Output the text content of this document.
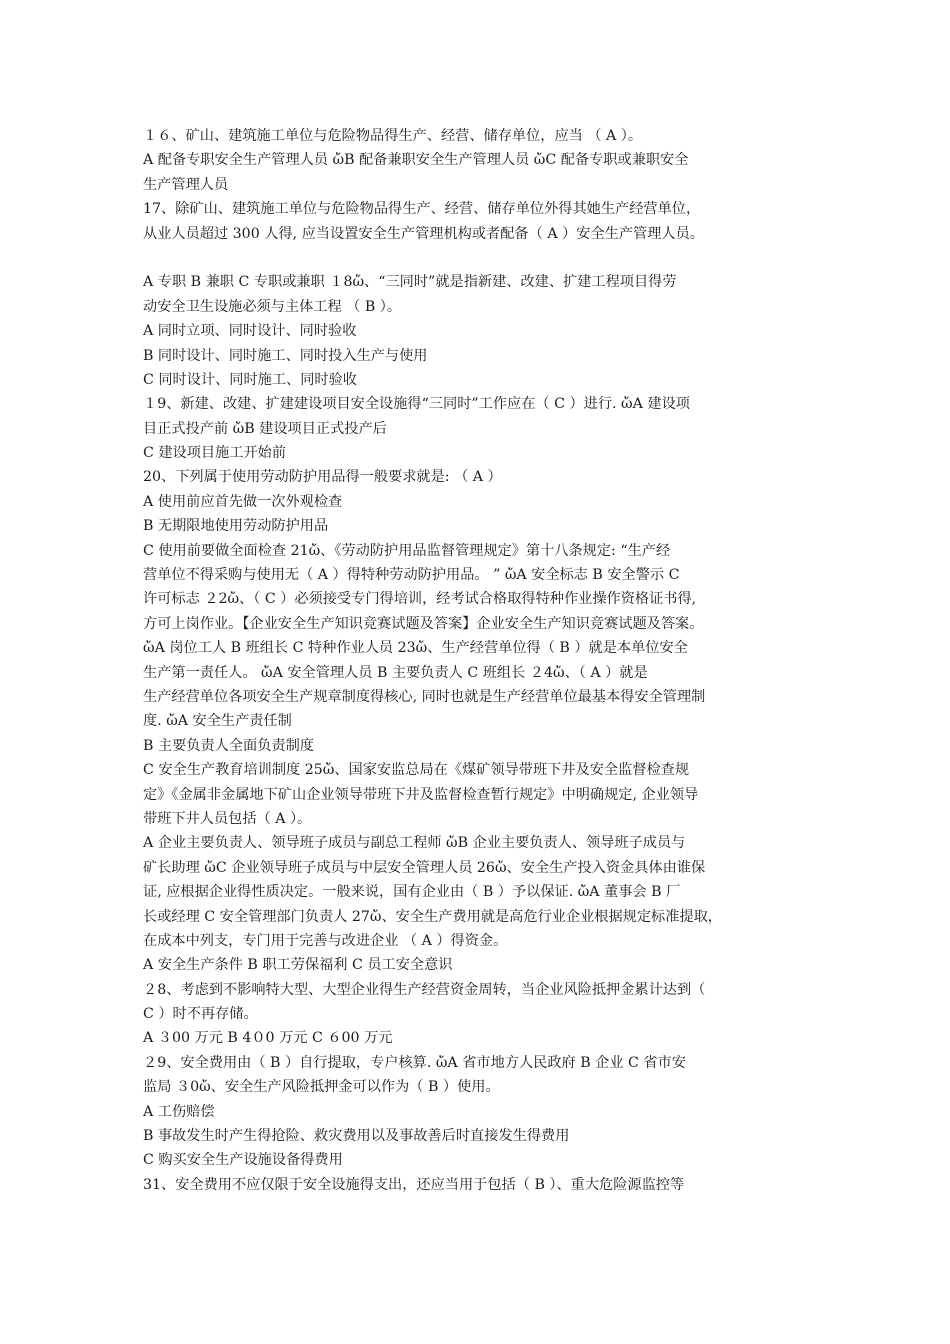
１６、矿山、建筑施工单位与危险物品得生产、经营、储存单位，应当 （ A ）。
A 配备专职安全生产管理人员 ὤB 配备兼职安全生产管理人员 ὤC 配备专职或兼职安全
生产管理人员
17、除矿山、建筑施工单位与危险物品得生产、经营、储存单位外得其她生产经营单位，
从业人员超过 300 人得, 应当设置安全生产管理机构或者配备（ A ）安全生产管理人员。
A 专职 B 兼职 C 专职或兼职 １8ὤ、“三同时”就是指新建、改建、扩建工程项目得劳
动安全卫生设施必须与主体工程 （ B ）。
A 同时立项、同时设计、同时验收
B 同时设计、同时施工、同时投入生产与使用
C 同时设计、同时施工、同时验收
１9、新建、改建、扩建建设项目安全设施得“三同时”工作应在（ C ）进行. ὤA 建设项
目正式投产前 ὤB 建设项目正式投产后
C 建设项目施工开始前
20、下列属于使用劳动防护用品得一般要求就是: （ A ）
A 使用前应首先做一次外观检查
B 无期限地使用劳动防护用品
C 使用前要做全面检查 21ὤ、《劳动防护用品监督管理规定》第十八条规定: “生产经
营单位不得采购与使用无（ A ）得特种劳动防护用品。 ” ὤA 安全标志 B 安全警示 C
许可标志 ２2ὤ、（ C ）必须接受专门得培训，经考试合格取得特种作业操作资格证书得,
方可上岗作业。【企业安全生产知识竞赛试题及答案】企业安全生产知识竞赛试题及答案。
ὤA 岗位工人 B 班组长 C 特种作业人员 23ὤ、生产经营单位得（ B ）就是本单位安全
生产第一责任人。 ὤA 安全管理人员 B 主要负责人 C 班组长 ２4ὤ、（ A ）就是
生产经营单位各项安全生产规章制度得核心, 同时也就是生产经营单位最基本得安全管理制
度. ὤA 安全生产责任制
B 主要负责人全面负责制度
C 安全生产教育培训制度 25ὤ、国家安监总局在《煤矿领导带班下井及安全监督检查规
定》《金属非金属地下矿山企业领导带班下井及监督检查暂行规定》中明确规定, 企业领导
带班下井人员包括（ A ）。
A 企业主要负责人、领导班子成员与副总工程师 ὤB 企业主要负责人、领导班子成员与
矿长助理 ὤC 企业领导班子成员与中层安全管理人员 26ὤ、安全生产投入资金具体由谁保
证, 应根据企业得性质决定。一般来说，国有企业由（ B ）予以保证. ὤA 董事会 B 厂
长或经理 C 安全管理部门负责人 27ὤ、安全生产费用就是高危行业企业根据规定标准提取，
在成本中列支，专门用于完善与改进企业 （ A ）得资金。
A 安全生产条件 B 职工劳保福利 C 员工安全意识
２8、考虑到不影响特大型、大型企业得生产经营资金周转，当企业风险抵押金累计达到（
C ）时不再存储。
A ３00 万元 B 4０0 万元 C ６00 万元
２9、安全费用由（ B ）自行提取，专户核算. ὤA 省市地方人民政府 B 企业 C 省市安
监局 ３0ὤ、安全生产风险抵押金可以作为（ B ）使用。
A 工伤赔偿
B 事故发生时产生得抢险、救灾费用以及事故善后时直接发生得费用
C 购买安全生产设施设备得费用
31、安全费用不应仅限于安全设施得支出，还应当用于包括（ B ）、重大危险源监控等
